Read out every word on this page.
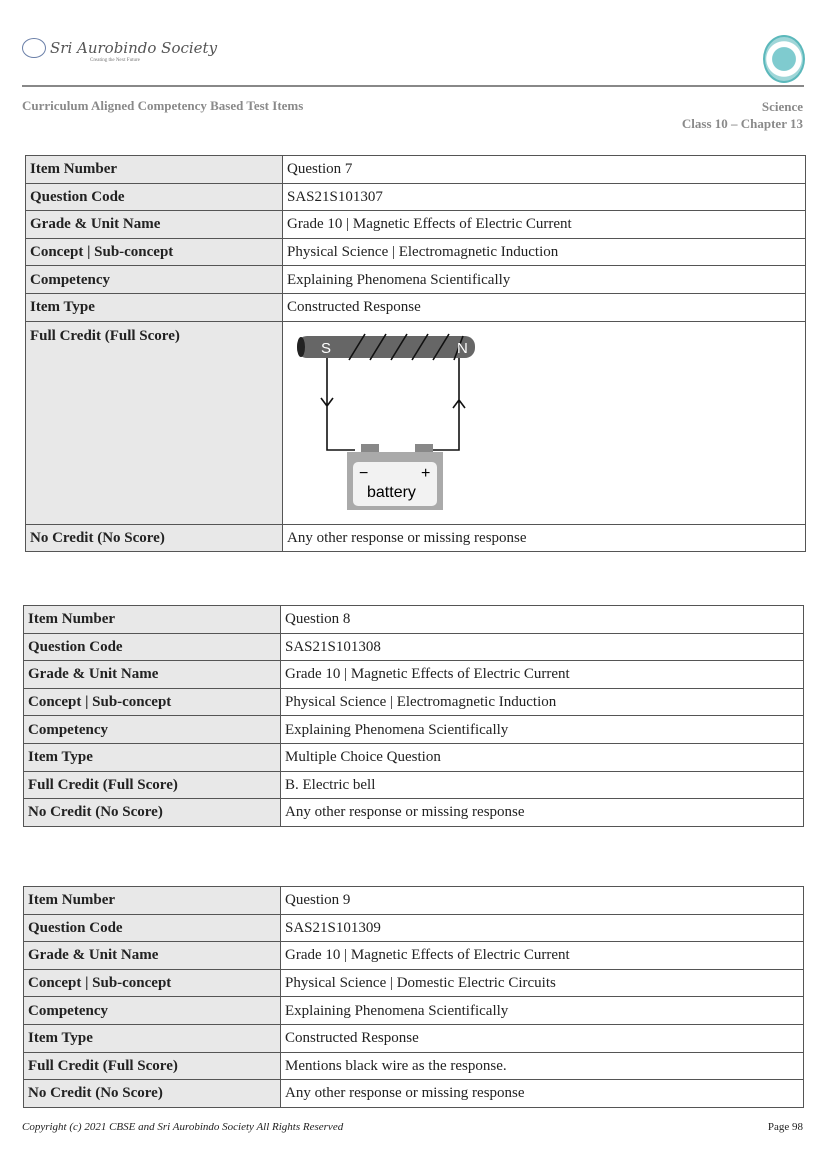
Sri Aurobindo Society
Creating the Next Future
Curriculum Aligned Competency Based Test Items	Science
Class 10 – Chapter 13
Item Number	Question 7
Question Code	SAS21S101307
Grade & Unit Name	Grade 10 | Magnetic Effects of Electric Current
Concept | Sub-concept	Physical Science | Electromagnetic Induction
Competency	Explaining Phenomena Scientifically
Item Type	Constructed Response
Full Credit (Full Score)	S N
− +
battery

No Credit (No Score)	Any other response or missing response
Item Number	Question 8
Question Code	SAS21S101308
Grade & Unit Name	Grade 10 | Magnetic Effects of Electric Current
Concept | Sub-concept	Physical Science | Electromagnetic Induction
Competency	Explaining Phenomena Scientifically
Item Type	Multiple Choice Question
Full Credit (Full Score)	B. Electric bell
No Credit (No Score)	Any other response or missing response
Item Number	Question 9
Question Code	SAS21S101309
Grade & Unit Name	Grade 10 | Magnetic Effects of Electric Current
Concept | Sub-concept	Physical Science | Domestic Electric Circuits
Competency	Explaining Phenomena Scientifically
Item Type	Constructed Response
Full Credit (Full Score)	Mentions black wire as the response.
No Credit (No Score)	Any other response or missing response
Copyright (c) 2021 CBSE and Sri Aurobindo Society All Rights Reserved	Page 98
